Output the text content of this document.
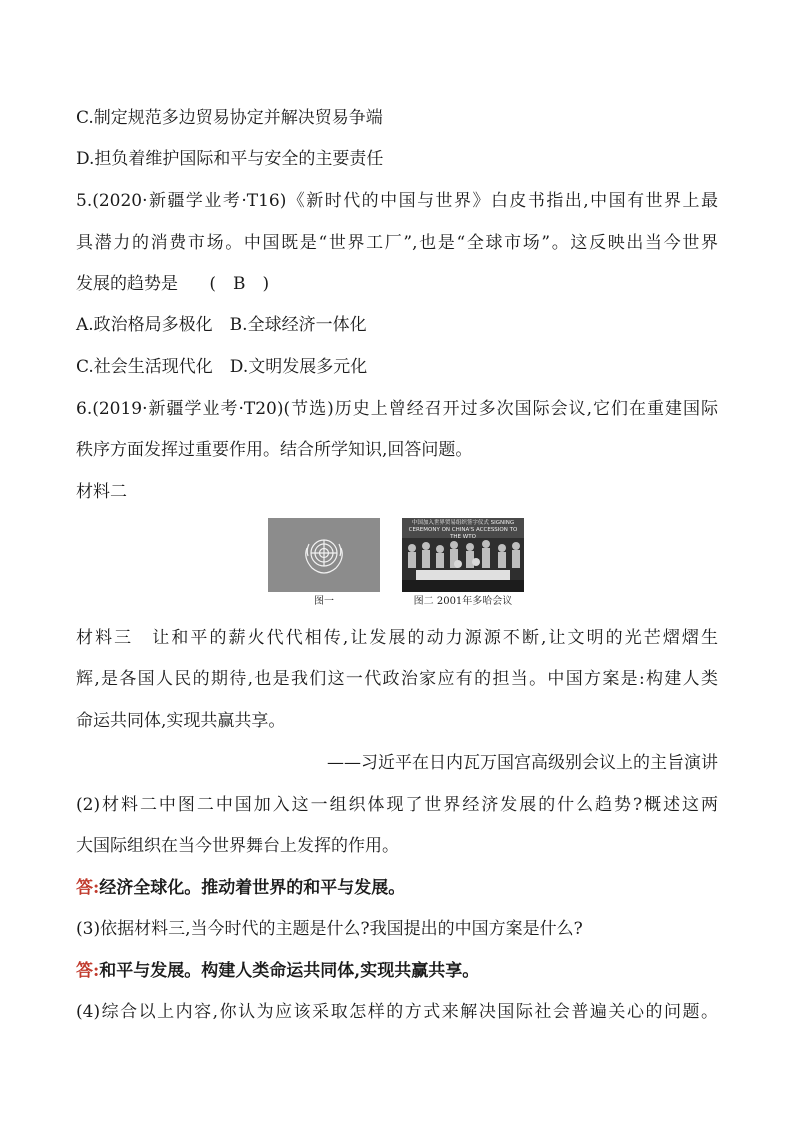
C.制定规范多边贸易协定并解决贸易争端
D.担负着维护国际和平与安全的主要责任
5.(2020·新疆学业考·T16)《新时代的中国与世界》白皮书指出,中国有世界上最
具潜力的消费市场。中国既是“世界工厂”,也是“全球市场”。这反映出当今世界
发展的趋势是 (　B　)
A.政治格局多极化　B.全球经济一体化
C.社会生活现代化　D.文明发展多元化
6.(2019·新疆学业考·T20)(节选)历史上曾经召开过多次国际会议,它们在重建国际
秩序方面发挥过重要作用。结合所学知识,回答问题。
材料二
图一
中国加入世界贸易组织签字仪式 SIGNING CEREMONY ON CHINA'S ACCESSION TO THE WTO
图二 2001年多哈会议
材料三　让和平的薪火代代相传,让发展的动力源源不断,让文明的光芒熠熠生
辉,是各国人民的期待,也是我们这一代政治家应有的担当。中国方案是:构建人类
命运共同体,实现共赢共享。
——习近平在日内瓦万国宫高级别会议上的主旨演讲
(2)材料二中图二中国加入这一组织体现了世界经济发展的什么趋势?概述这两
大国际组织在当今世界舞台上发挥的作用。
答:经济全球化。推动着世界的和平与发展。
(3)依据材料三,当今时代的主题是什么?我国提出的中国方案是什么?
答:和平与发展。构建人类命运共同体,实现共赢共享。
(4)综合以上内容,你认为应该采取怎样的方式来解决国际社会普遍关心的问题。
